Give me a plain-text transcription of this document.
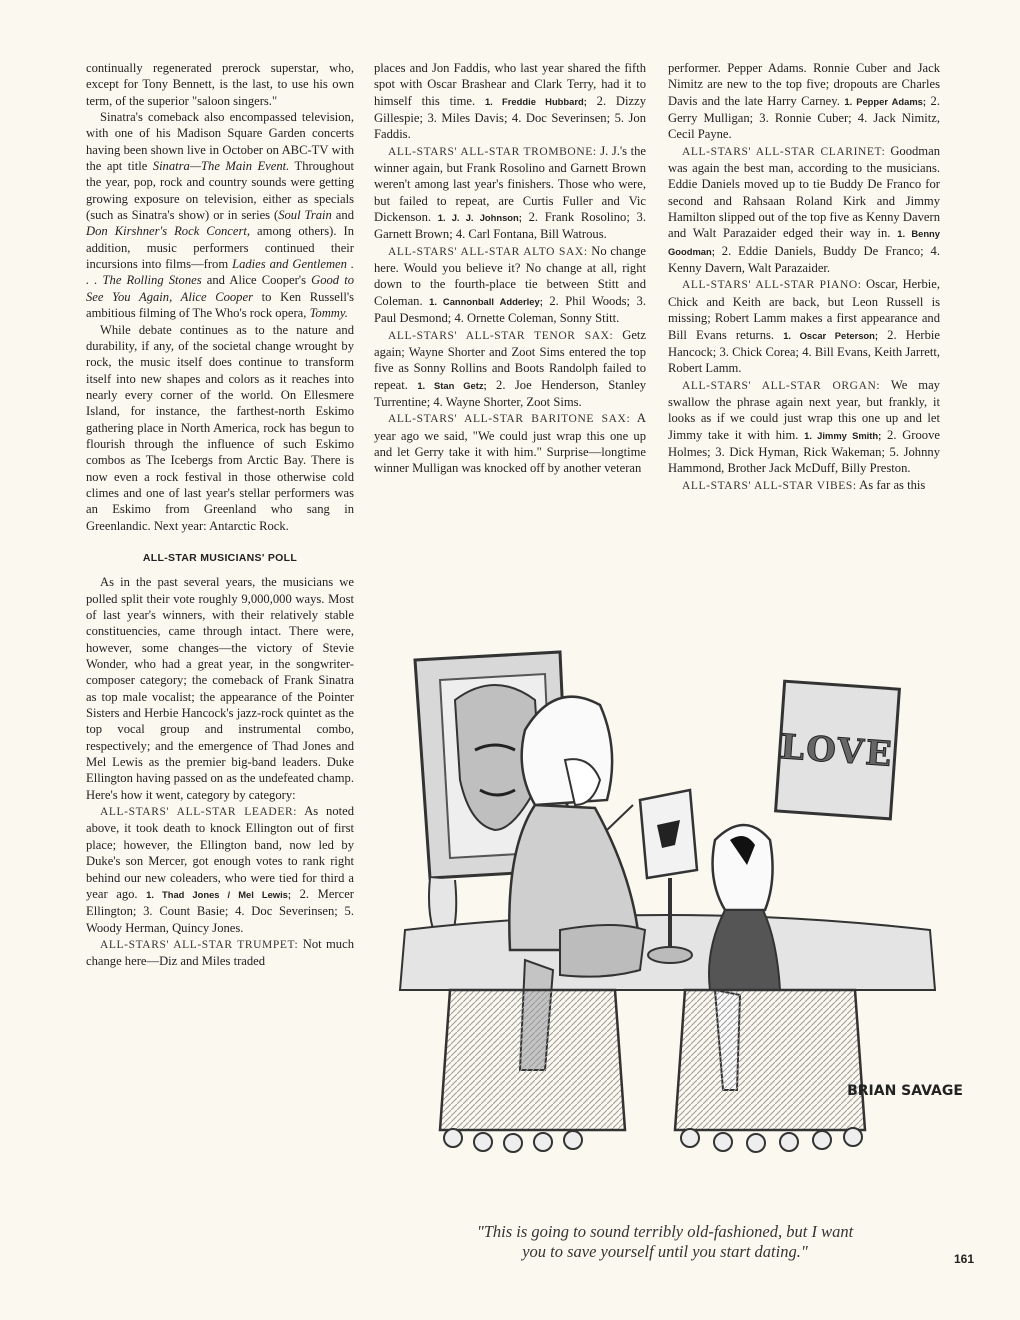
continually regenerated prerock superstar, who, except for Tony Bennett, is the last, to use his own term, of the superior "saloon singers."

Sinatra's comeback also encompassed television, with one of his Madison Square Garden concerts having been shown live in October on ABC-TV with the apt title Sinatra—The Main Event. Throughout the year, pop, rock and country sounds were getting growing exposure on television, either as specials (such as Sinatra's show) or in series (Soul Train and Don Kirshner's Rock Concert, among others). In addition, music performers continued their incursions into films—from Ladies and Gentlemen . . . The Rolling Stones and Alice Cooper's Good to See You Again, Alice Cooper to Ken Russell's ambitious filming of The Who's rock opera, Tommy.

While debate continues as to the nature and durability, if any, of the societal change wrought by rock, the music itself does continue to transform itself into new shapes and colors as it reaches into nearly every corner of the world. On Ellesmere Island, for instance, the farthest-north Eskimo gathering place in North America, rock has begun to flourish through the influence of such Eskimo combos as The Icebergs from Arctic Bay. There is now even a rock festival in those otherwise cold climes and one of last year's stellar performers was an Eskimo from Greenland who sang in Greenlandic. Next year: Antarctic Rock.

ALL-STAR MUSICIANS' POLL

As in the past several years, the musicians we polled split their vote roughly 9,000,000 ways. Most of last year's winners, with their relatively stable constituencies, came through intact. There were, however, some changes—the victory of Stevie Wonder, who had a great year, in the songwriter-composer category; the comeback of Frank Sinatra as top male vocalist; the appearance of the Pointer Sisters and Herbie Hancock's jazz-rock quintet as the top vocal group and instrumental combo, respectively; and the emergence of Thad Jones and Mel Lewis as the premier big-band leaders. Duke Ellington having passed on as the undefeated champ. Here's how it went, category by category:

ALL-STARS' ALL-STAR LEADER: As noted above, it took death to knock Ellington out of first place; however, the Ellington band, now led by Duke's son Mercer, got enough votes to rank right behind our new coleaders, who were tied for third a year ago. 1. Thad Jones / Mel Lewis; 2. Mercer Ellington; 3. Count Basie; 4. Doc Severinsen; 5. Woody Herman, Quincy Jones.

ALL-STARS' ALL-STAR TRUMPET: Not much change here—Diz and Miles traded

places and Jon Faddis, who last year shared the fifth spot with Oscar Brashear and Clark Terry, had it to himself this time. 1. Freddie Hubbard; 2. Dizzy Gillespie; 3. Miles Davis; 4. Doc Severinsen; 5. Jon Faddis.

ALL-STARS' ALL-STAR TROMBONE: J. J.'s the winner again, but Frank Rosolino and Garnett Brown weren't among last year's finishers. Those who were, but failed to repeat, are Curtis Fuller and Vic Dickenson. 1. J. J. Johnson; 2. Frank Rosolino; 3. Garnett Brown; 4. Carl Fontana, Bill Watrous.

ALL-STARS' ALL-STAR ALTO SAX: No change here. Would you believe it? No change at all, right down to the fourth-place tie between Stitt and Coleman. 1. Cannonball Adderley; 2. Phil Woods; 3. Paul Desmond; 4. Ornette Coleman, Sonny Stitt.

ALL-STARS' ALL-STAR TENOR SAX: Getz again; Wayne Shorter and Zoot Sims entered the top five as Sonny Rollins and Boots Randolph failed to repeat. 1. Stan Getz; 2. Joe Henderson, Stanley Turrentine; 4. Wayne Shorter, Zoot Sims.

ALL-STARS' ALL-STAR BARITONE SAX: A year ago we said, "We could just wrap this one up and let Gerry take it with him." Surprise—longtime winner Mulligan was knocked off by another veteran

performer. Pepper Adams. Ronnie Cuber and Jack Nimitz are new to the top five; dropouts are Charles Davis and the late Harry Carney. 1. Pepper Adams; 2. Gerry Mulligan; 3. Ronnie Cuber; 4. Jack Nimitz, Cecil Payne.

ALL-STARS' ALL-STAR CLARINET: Goodman was again the best man, according to the musicians. Eddie Daniels moved up to tie Buddy De Franco for second and Rahsaan Roland Kirk and Jimmy Hamilton slipped out of the top five as Kenny Davern and Walt Parazaider edged their way in. 1. Benny Goodman; 2. Eddie Daniels, Buddy De Franco; 4. Kenny Davern, Walt Parazaider.

ALL-STARS' ALL-STAR PIANO: Oscar, Herbie, Chick and Keith are back, but Leon Russell is missing; Robert Lamm makes a first appearance and Bill Evans returns. 1. Oscar Peterson; 2. Herbie Hancock; 3. Chick Corea; 4. Bill Evans, Keith Jarrett, Robert Lamm.

ALL-STARS' ALL-STAR ORGAN: We may swallow the phrase again next year, but frankly, it looks as if we could just wrap this one up and let Jimmy take it with him. 1. Jimmy Smith; 2. Groove Holmes; 3. Dick Hyman, Rick Wakeman; 5. Johnny Hammond, Brother Jack McDuff, Billy Preston.

ALL-STARS' ALL-STAR VIBES: As far as this

LOVE
BRIAN SAVAGE
"This is going to sound terribly old-fashioned, but I want
you to save yourself until you start dating."	161
